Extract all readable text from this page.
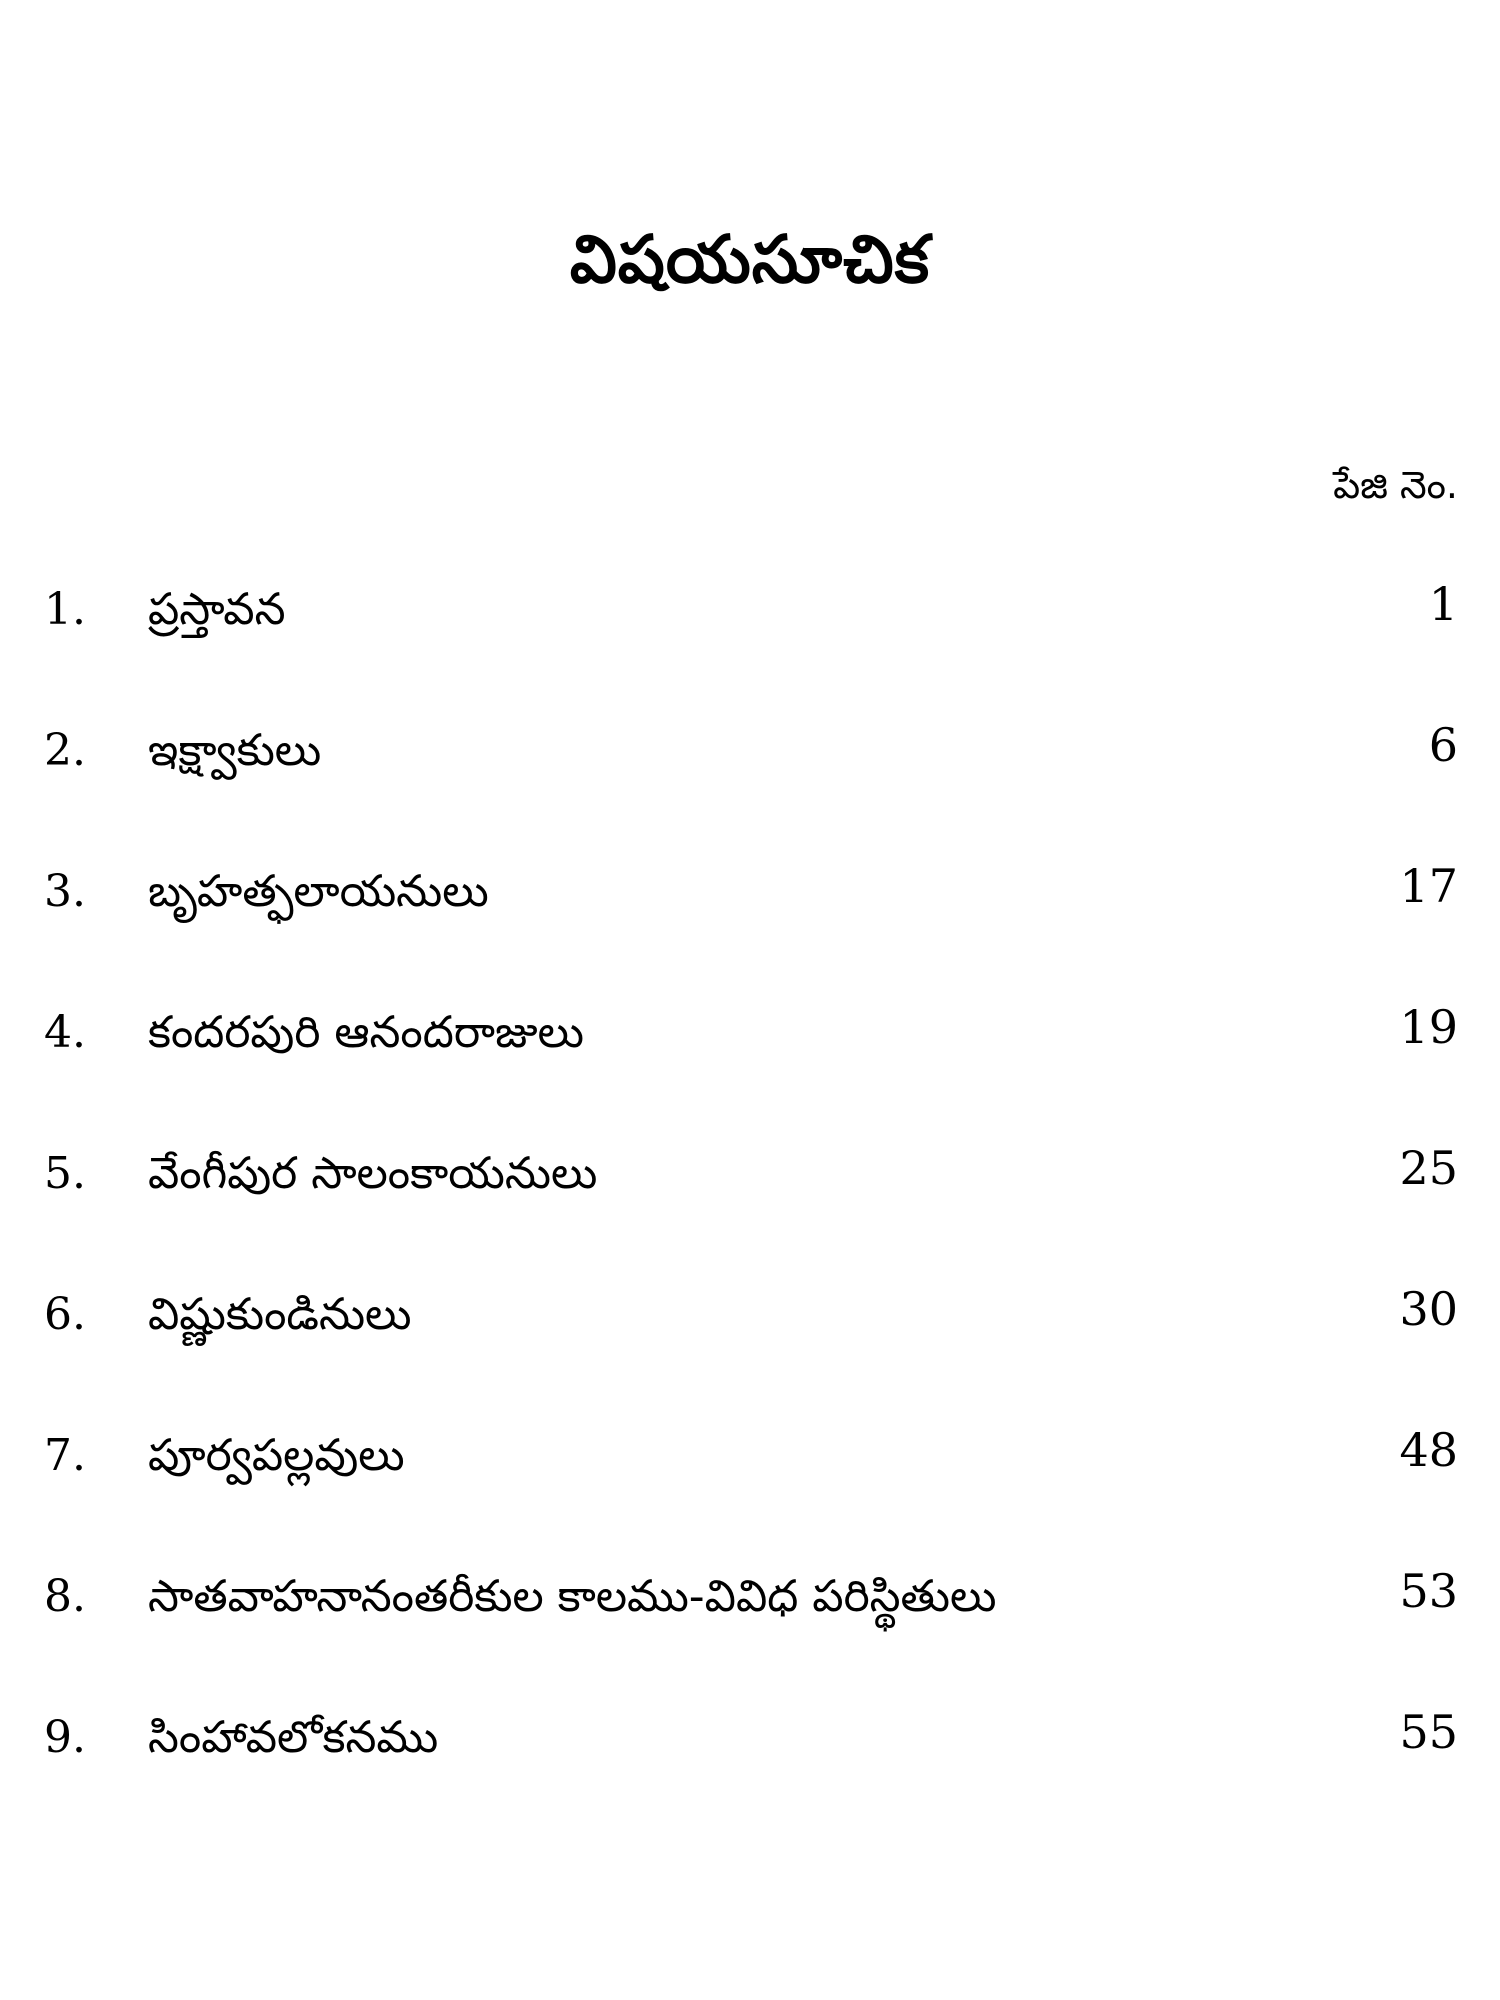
విషయసూచిక
పేజి నెం.
1. ప్రస్తావన	1
2. ఇక్ష్వాకులు	6
3. బృహత్ఫలాయనులు	17
4. కందరపురి ఆనందరాజులు	19
5. వేంగీపుర సాలంకాయనులు	25
6. విష్ణుకుండినులు	30
7. పూర్వపల్లవులు	48
8. సాతవాహనానంతరీకుల కాలము-వివిధ పరిస్థితులు	53
9. సింహావలోకనము	55
